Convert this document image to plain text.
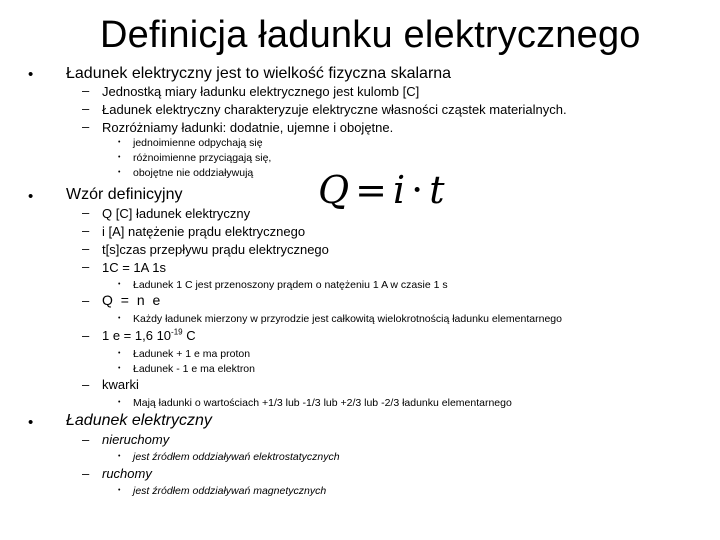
Definicja ładunku elektrycznego
• Ładunek elektryczny jest to wielkość fizyczna skalarna
– Jednostką miary ładunku elektrycznego jest kulomb [C]
– Ładunek elektryczny charakteryzuje elektryczne własności cząstek materialnych.
– Rozróżniamy ładunki: dodatnie, ujemne i obojętne.
• jednoimienne odpychają się
• różnoimienne przyciągają się,
• obojętne nie oddziaływują
• Wzór definicyjny	Q = i · t
– Q [C] ładunek elektryczny
– i [A] natężenie prądu elektrycznego
– t[s]czas przepływu prądu elektrycznego
– 1C = 1A 1s
• Ładunek 1 C jest przenoszony prądem o natężeniu 1 A w czasie 1 s
– Q = n e
• Każdy ładunek mierzony w przyrodzie jest całkowitą wielokrotnością ładunku elementarnego
– 1 e = 1,6 $10^{-19}$ C
• Ładunek + 1 e ma proton
• Ładunek - 1 e ma elektron
– kwarki
• Mają ładunki o wartościach +1/3 lub -1/3 lub +2/3 lub -2/3 ładunku elementarnego
• Ładunek elektryczny
– nieruchomy
• jest źródłem oddziaływań elektrostatycznych
– ruchomy
• jest źródłem oddziaływań magnetycznych
